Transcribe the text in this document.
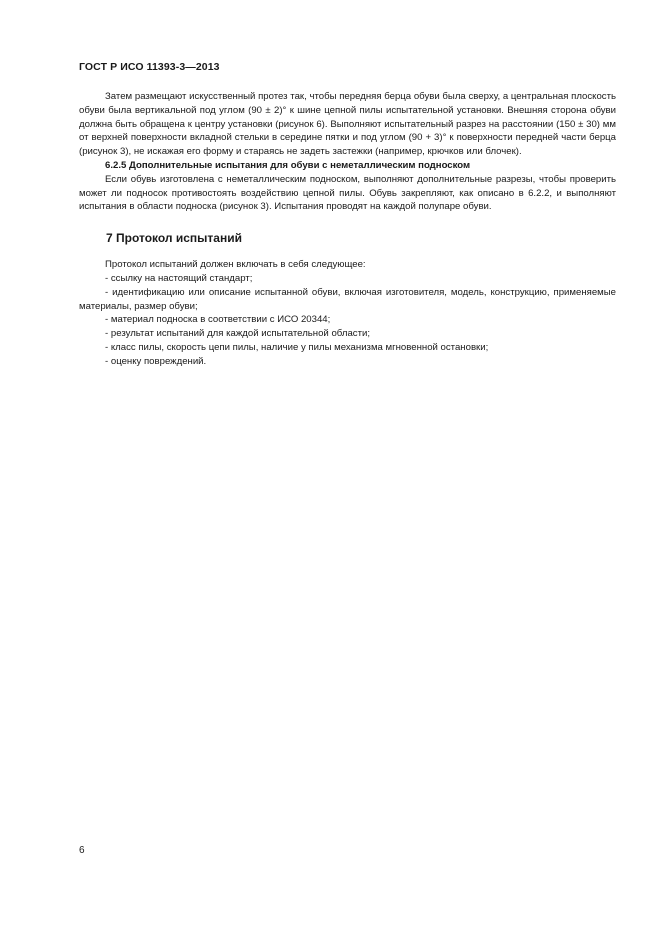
ГОСТ Р ИСО 11393-3—2013

Затем размещают искусственный протез так, чтобы передняя берца обуви была сверху, а центральная плоскость обуви была вертикальной под углом (90 ± 2)° к шине цепной пилы испытательной установки. Внешняя сторона обуви должна быть обращена к центру установки (рисунок 6). Выполняют испытательный разрез на расстоянии (150 ± 30) мм от верхней поверхности вкладной стельки в середине пятки и под углом (90 + 3)° к поверхности передней части берца (рисунок 3), не искажая его форму и стараясь не задеть застежки (например, крючков или блочек).

6.2.5 Дополнительные испытания для обуви с неметаллическим подноском

Если обувь изготовлена с неметаллическим подноском, выполняют дополнительные разрезы, чтобы проверить может ли подносок противостоять воздействию цепной пилы. Обувь закрепляют, как описано в 6.2.2, и выполняют испытания в области подноска (рисунок 3). Испытания проводят на каждой полупаре обуви.

7 Протокол испытаний

Протокол испытаний должен включать в себя следующее:

- ссылку на настоящий стандарт;

- идентификацию или описание испытанной обуви, включая изготовителя, модель, конструкцию, применяемые материалы, размер обуви;

- материал подноска в соответствии с ИСО 20344;

- результат испытаний для каждой испытательной области;

- класс пилы, скорость цепи пилы, наличие у пилы механизма мгновенной остановки;

- оценку повреждений.

6
